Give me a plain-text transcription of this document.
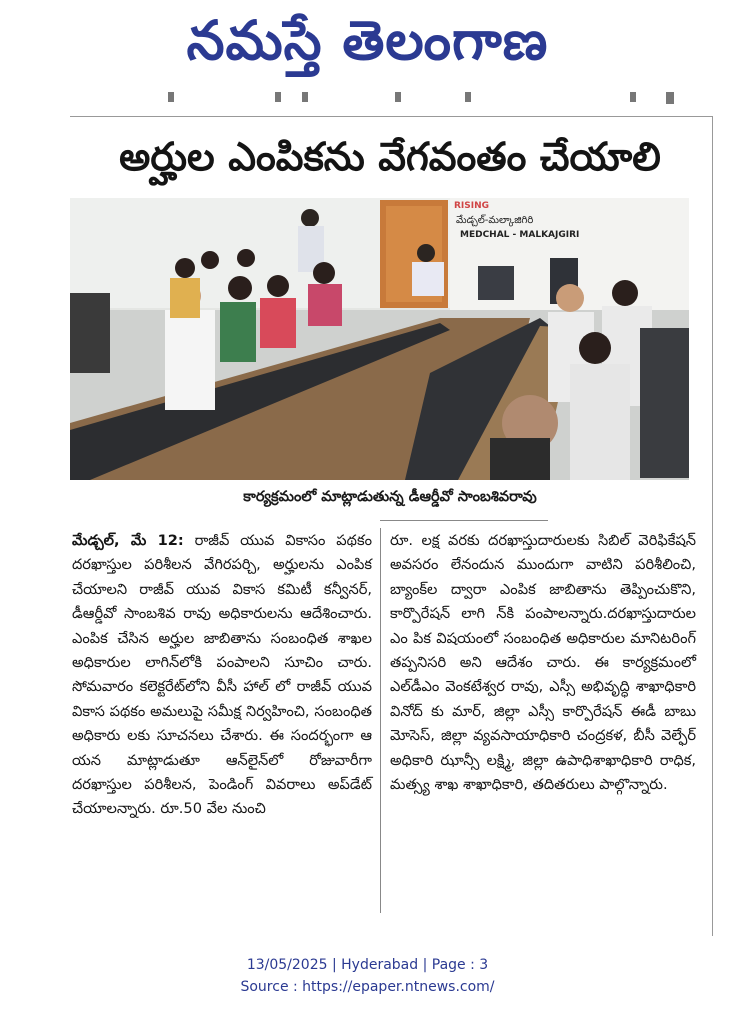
నమస్తే తెలంగాణ
అర్హుల ఎంపికను వేగవంతం చేయాలి
RISING
మేడ్చల్-మల్కాజిగిరి
MEDCHAL - MALKAJGIRI
కార్యక్రమంలో మాట్లాడుతున్న డీఆర్డీవో సాంబశివరావు
మేడ్చల్, మే 12: రాజీవ్ యువ వికాసం పథకం దరఖాస్తుల పరిశీలన వేగిరపర్చి, అర్హులను ఎంపిక చేయాలని రాజీవ్ యువ వికాస కమిటీ కన్వీనర్, డీఆర్డీవో సాంబశివ రావు అధికారులను ఆదేశించారు. ఎంపిక చేసిన అర్హుల జాబితాను సంబంధిత శాఖల అధికారుల లాగిన్‌లోకి పంపాలని సూచిం చారు. సోమవారం కలెక్టరేట్‌లోని వీసీ హాల్ లో రాజీవ్ యువ వికాస పథకం అమలుపై సమీక్ష నిర్వహించి, సంబంధిత అధికారు లకు సూచనలు చేశారు. ఈ సందర్భంగా ఆ యన మాట్లాడుతూ ఆన్‌లైన్‌లో రోజువారీగా దరఖాస్తుల పరిశీలన, పెండింగ్ వివరాలు అప్‌డేట్ చేయాలన్నారు. రూ.50 వేల నుంచి
రూ. లక్ష వరకు దరఖాస్తుదారులకు సిబిల్ వెరిఫికేషన్ అవసరం లేనందున ముందుగా వాటిని పరిశీలించి, బ్యాంక్‌ల ద్వారా ఎంపిక జాబితాను తెప్పించుకొని, కార్పొరేషన్ లాగి న్‌కి పంపాలన్నారు.దరఖాస్తుదారుల ఎం పిక విషయంలో సంబంధిత అధికారుల మానిటరింగ్ తప్పనిసరి అని ఆదేశం చారు. ఈ కార్యక్రమంలో ఎల్‌డీఎం వెంకటేశ్వర రావు, ఎస్సీ అభివృద్ధి శాఖాధికారి వినోద్ కు మార్, జిల్లా ఎస్సీ కార్పొరేషన్ ఈడీ బాబు మోసెస్, జిల్లా వ్యవసాయాధికారి చంద్రకళ, బీసీ వెల్ఫేర్ అధికారి ఝాన్సీ లక్ష్మి, జిల్లా ఉపాధిశాఖాధికారి రాధిక, మత్స్య శాఖ శాఖాధికారి, తదితరులు పాల్గొన్నారు.
13/05/2025 | Hyderabad | Page : 3
Source : https://epaper.ntnews.com/
